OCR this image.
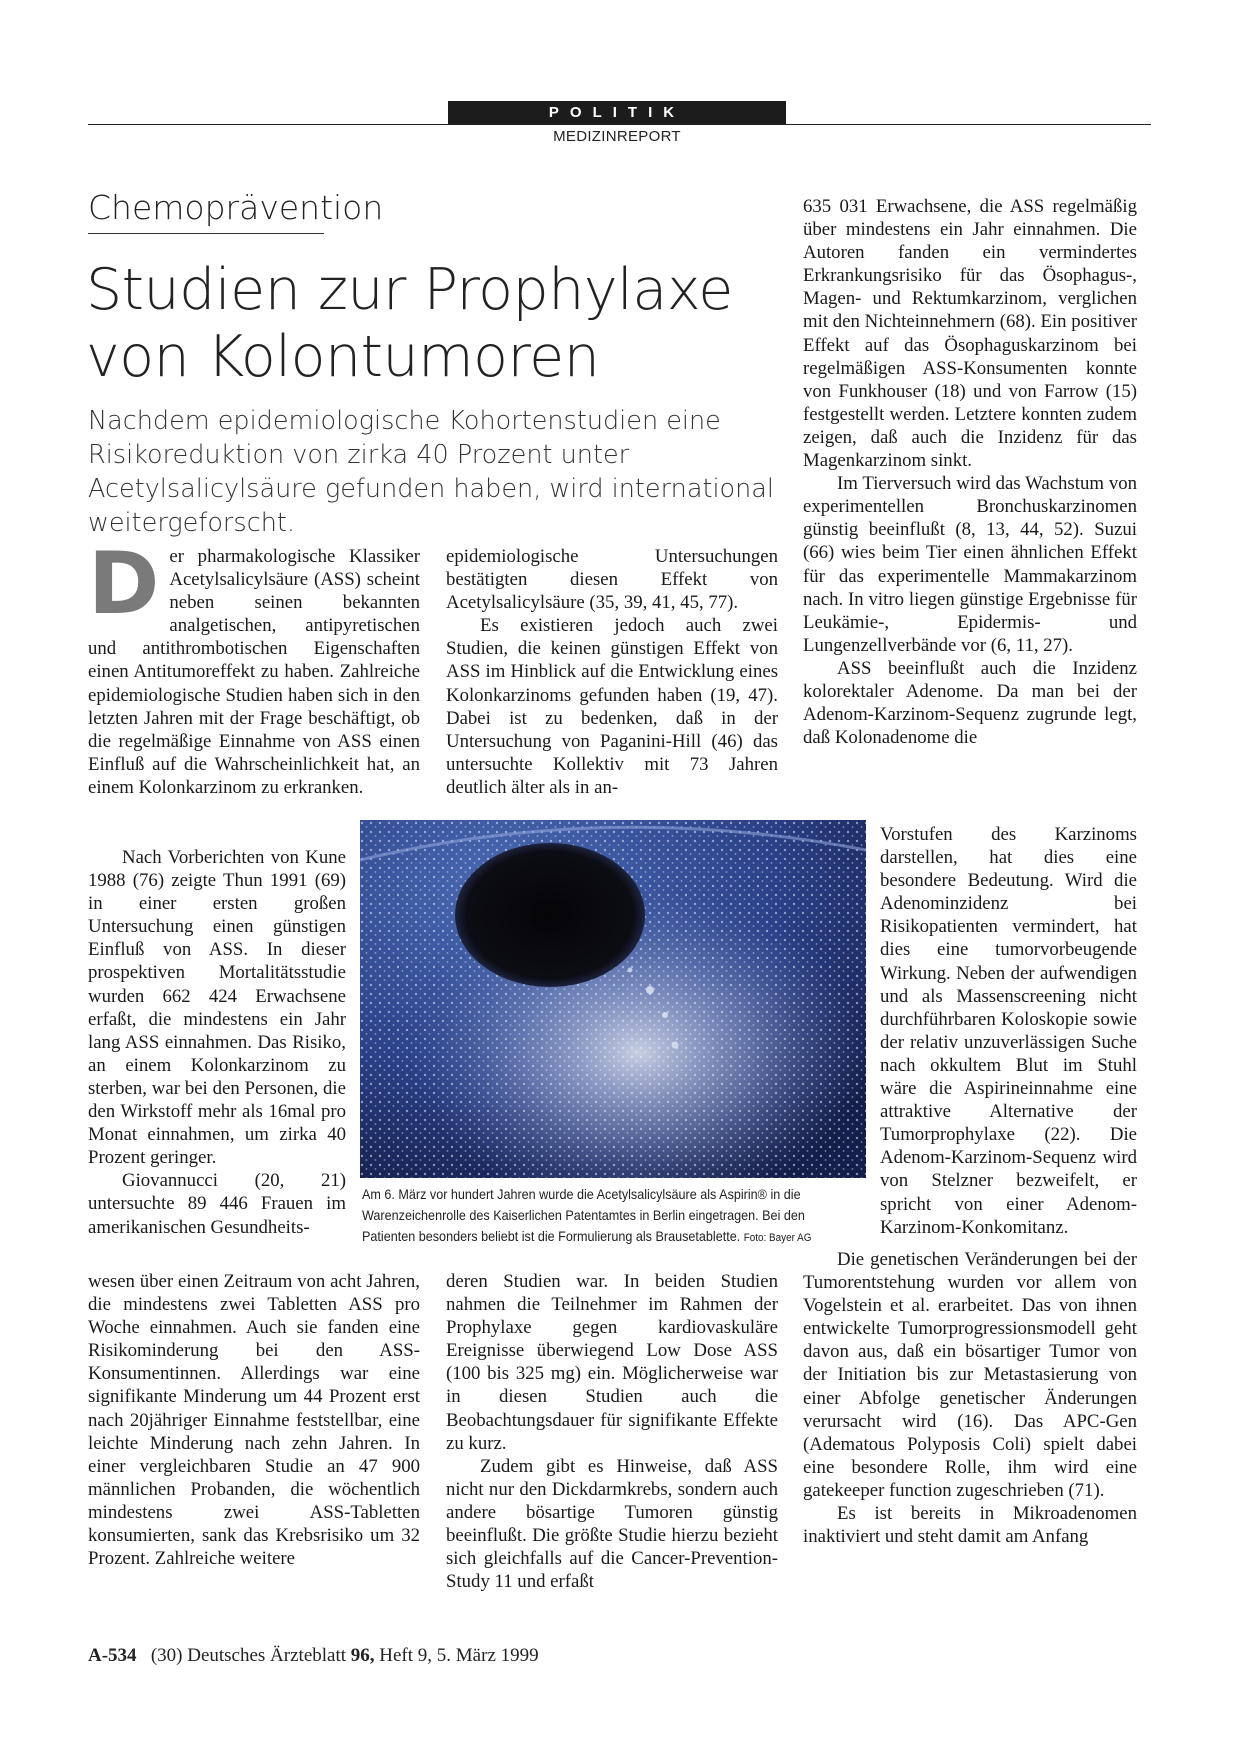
POLITIK
MEDIZINREPORT
Chemoprävention
Studien zur Prophylaxe
von Kolontumoren
Nachdem epidemiologische Kohortenstudien eine Risikoreduktion von zirka 40 Prozent unter Acetylsalicylsäure gefunden haben, wird international weitergeforscht.
D er pharmakologische Klassiker Acetylsalicylsäure (ASS) scheint neben seinen bekannten analgetischen, antipyretischen und antithrombotischen Eigenschaften einen Antitumoreffekt zu haben. Zahlreiche epidemiologische Studien haben sich in den letzten Jahren mit der Frage beschäftigt, ob die regelmäßige Einnahme von ASS einen Einfluß auf die Wahrscheinlichkeit hat, an einem Kolonkarzinom zu erkranken.

Nach Vorberichten von Kune 1988 (76) zeigte Thun 1991 (69) in einer ersten großen Untersuchung einen günstigen Einfluß von ASS. In dieser prospektiven Mortalitätsstudie wurden 662 424 Erwachsene erfaßt, die mindestens ein Jahr lang ASS einnahmen. Das Risiko, an einem Kolonkarzinom zu sterben, war bei den Personen, die den Wirkstoff mehr als 16mal pro Monat einnahmen, um zirka 40 Prozent geringer.

Giovannucci (20, 21) untersuchte 89 446 Frauen im amerikanischen Gesundheits-

wesen über einen Zeitraum von acht Jahren, die mindestens zwei Tabletten ASS pro Woche einnahmen. Auch sie fanden eine Risikominderung bei den ASS-Konsumentinnen. Allerdings war eine signifikante Minderung um 44 Prozent erst nach 20jähriger Einnahme feststellbar, eine leichte Minderung nach zehn Jahren. In einer vergleichbaren Studie an 47 900 männlichen Probanden, die wöchentlich mindestens zwei ASS-Tabletten konsumierten, sank das Krebsrisiko um 32 Prozent. Zahlreiche weitere

epidemiologische Untersuchungen bestätigten diesen Effekt von Acetylsalicylsäure (35, 39, 41, 45, 77).

Es existieren jedoch auch zwei Studien, die keinen günstigen Effekt von ASS im Hinblick auf die Entwicklung eines Kolonkarzinoms gefunden haben (19, 47). Dabei ist zu bedenken, daß in der Untersuchung von Paganini-Hill (46) das untersuchte Kollektiv mit 73 Jahren deutlich älter als in an-

deren Studien war. In beiden Studien nahmen die Teilnehmer im Rahmen der Prophylaxe gegen kardiovaskuläre Ereignisse überwiegend Low Dose ASS (100 bis 325 mg) ein. Möglicherweise war in diesen Studien auch die Beobachtungsdauer für signifikante Effekte zu kurz.

Zudem gibt es Hinweise, daß ASS nicht nur den Dickdarmkrebs, sondern auch andere bösartige Tumoren günstig beeinflußt. Die größte Studie hierzu bezieht sich gleichfalls auf die Cancer-Prevention-Study 11 und erfaßt

635 031 Erwachsene, die ASS regelmäßig über mindestens ein Jahr einnahmen. Die Autoren fanden ein vermindertes Erkrankungsrisiko für das Ösophagus-, Magen- und Rektumkarzinom, verglichen mit den Nichteinnehmern (68). Ein positiver Effekt auf das Ösophaguskarzinom bei regelmäßigen ASS-Konsumenten konnte von Funkhouser (18) und von Farrow (15) festgestellt werden. Letztere konnten zudem zeigen, daß auch die Inzidenz für das Magenkarzinom sinkt.

Im Tierversuch wird das Wachstum von experimentellen Bronchuskarzinomen günstig beeinflußt (8, 13, 44, 52). Suzui (66) wies beim Tier einen ähnlichen Effekt für das experimentelle Mammakarzinom nach. In vitro liegen günstige Ergebnisse für Leukämie-, Epidermis- und Lungenzellverbände vor (6, 11, 27).

ASS beeinflußt auch die Inzidenz kolorektaler Adenome. Da man bei der Adenom-Karzinom-Sequenz zugrunde legt, daß Kolonadenome die

Vorstufen des Karzinoms darstellen, hat dies eine besondere Bedeutung. Wird die Adenominzidenz bei Risikopatienten vermindert, hat dies eine tumorvorbeugende Wirkung. Neben der aufwendigen und als Massenscreening nicht durchführbaren Koloskopie sowie der relativ unzuverlässigen Suche nach okkultem Blut im Stuhl wäre die Aspirineinnahme eine attraktive Alternative der Tumorprophylaxe (22). Die Adenom-Karzinom-Sequenz wird von Stelzner bezweifelt, er spricht von einer Adenom-Karzinom-Konkomitanz.

Die genetischen Veränderungen bei der Tumorentstehung wurden vor allem von Vogelstein et al. erarbeitet. Das von ihnen entwickelte Tumorprogressionsmodell geht davon aus, daß ein bösartiger Tumor von der Initiation bis zur Metastasierung von einer Abfolge genetischer Änderungen verursacht wird (16). Das APC-Gen (Adematous Polyposis Coli) spielt dabei eine besondere Rolle, ihm wird eine gatekeeper function zugeschrieben (71).

Es ist bereits in Mikroadenomen inaktiviert und steht damit am Anfang

Am 6. März vor hundert Jahren wurde die Acetylsalicylsäure als Aspirin® in die Warenzeichenrolle des Kaiserlichen Patentamtes in Berlin eingetragen. Bei den Patienten besonders beliebt ist die Formulierung als Brausetablette. Foto: Bayer AG
A-534 (30) Deutsches Ärzteblatt 96, Heft 9, 5. März 1999
